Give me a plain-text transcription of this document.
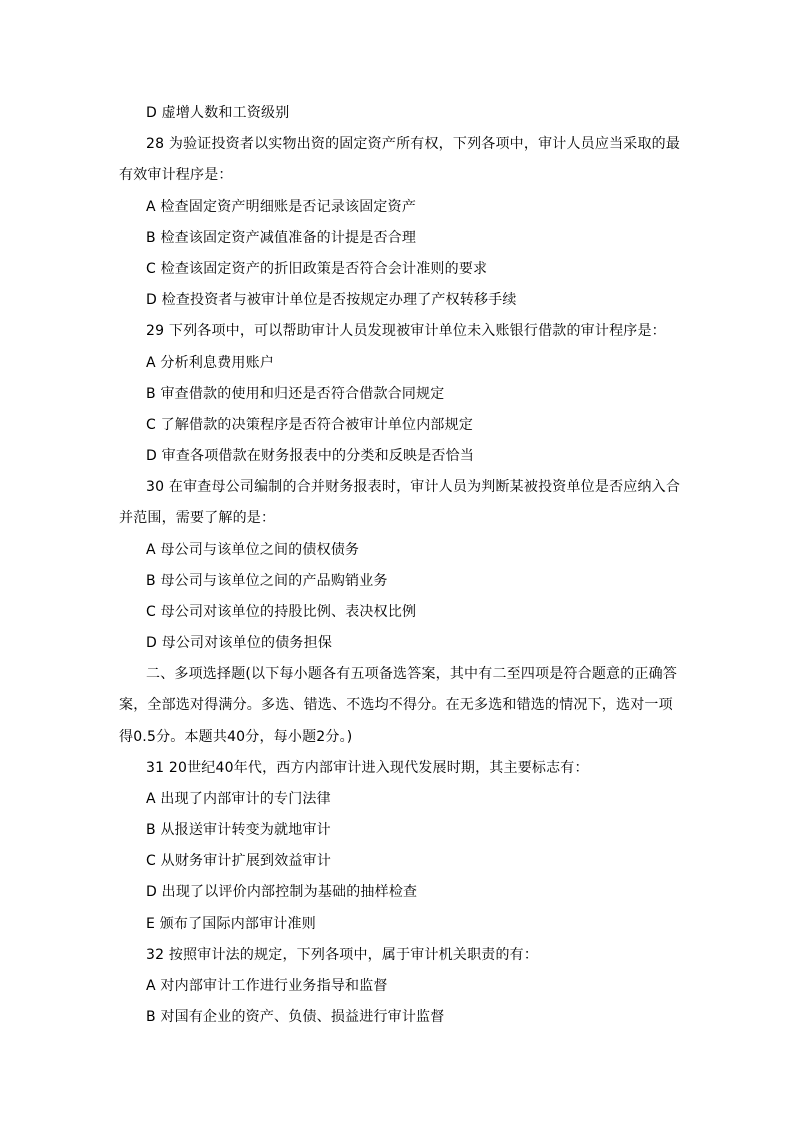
D 虚增人数和工资级别
28 为验证投资者以实物出资的固定资产所有权，下列各项中，审计人员应当采取的最
有效审计程序是：
A 检查固定资产明细账是否记录该固定资产
B 检查该固定资产减值准备的计提是否合理
C 检查该固定资产的折旧政策是否符合会计准则的要求
D 检查投资者与被审计单位是否按规定办理了产权转移手续
29 下列各项中，可以帮助审计人员发现被审计单位未入账银行借款的审计程序是：
A 分析利息费用账户
B 审查借款的使用和归还是否符合借款合同规定
C 了解借款的决策程序是否符合被审计单位内部规定
D 审查各项借款在财务报表中的分类和反映是否恰当
30 在审查母公司编制的合并财务报表时，审计人员为判断某被投资单位是否应纳入合
并范围，需要了解的是：
A 母公司与该单位之间的债权债务
B 母公司与该单位之间的产品购销业务
C 母公司对该单位的持股比例、表决权比例
D 母公司对该单位的债务担保
二、多项选择题(以下每小题各有五项备选答案，其中有二至四项是符合题意的正确答
案，全部选对得满分。多选、错选、不选均不得分。在无多选和错选的情况下，选对一项
得0.5分。本题共40分，每小题2分。)
31 20世纪40年代，西方内部审计进入现代发展时期，其主要标志有：
A 出现了内部审计的专门法律
B 从报送审计转变为就地审计
C 从财务审计扩展到效益审计
D 出现了以评价内部控制为基础的抽样检查
E 颁布了国际内部审计准则
32 按照审计法的规定，下列各项中，属于审计机关职责的有：
A 对内部审计工作进行业务指导和监督
B 对国有企业的资产、负债、损益进行审计监督
